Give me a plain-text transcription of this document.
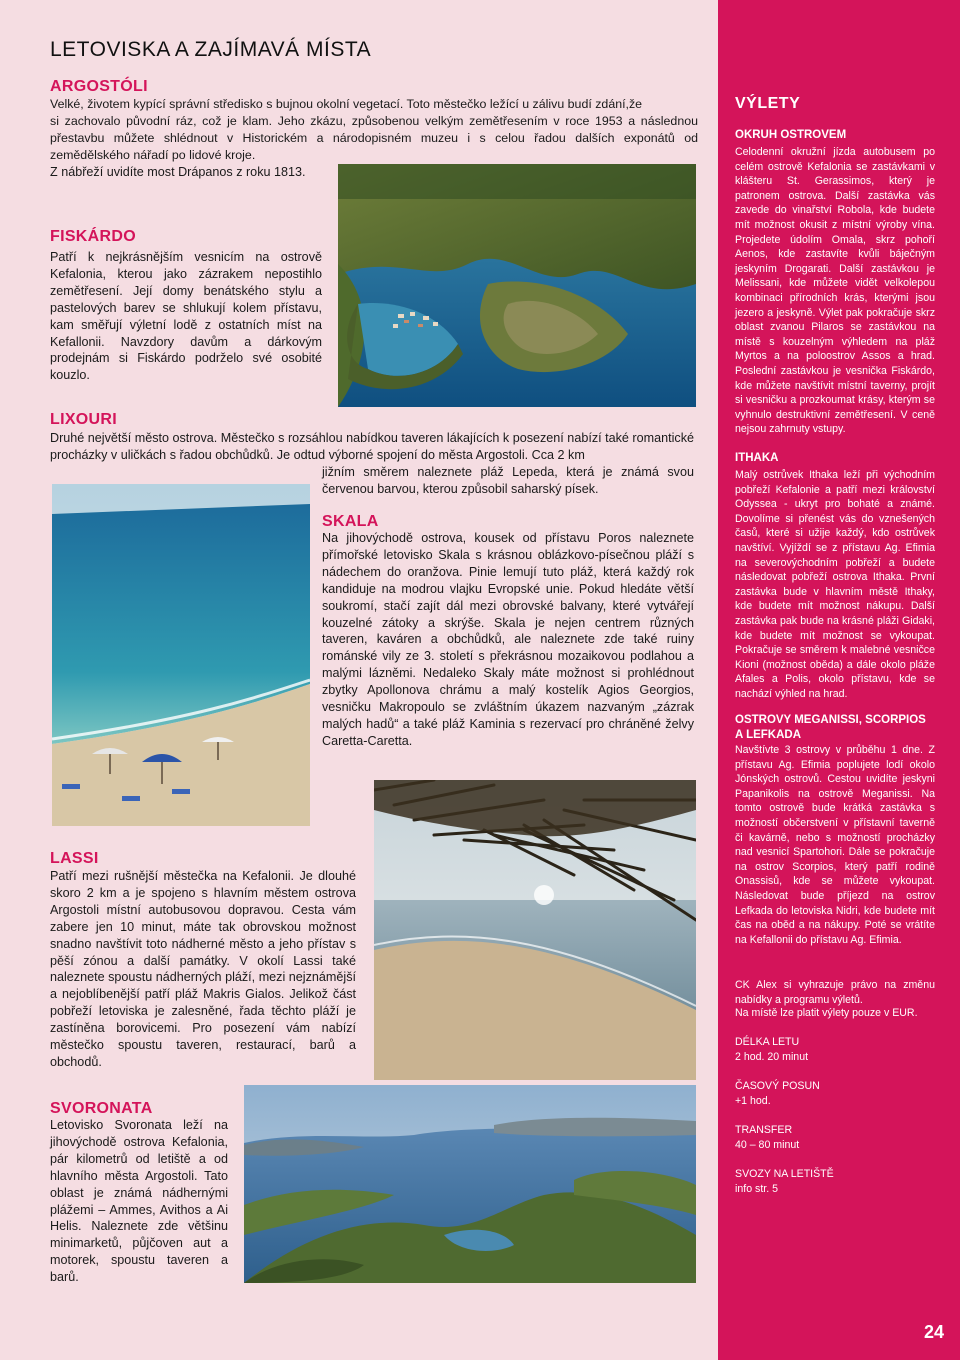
VÝLETY
OKRUH OSTROVEM

Celodenní okružní jízda autobusem po celém ostrově Kefalonia se zastávkami v klášteru St. Gerassimos, který je patronem ostrova. Další zastávka vás zavede do vinařství Robola, kde budete mít možnost okusit z místní výroby vína. Projedete údolím Omala, skrz pohoří Aenos, kde zastavíte kvůli báječným jeskyním Drogarati. Další zastávkou je Melissani, kde můžete vidět velkolepou kombinaci přírodních krás, kterými jsou jezero a jeskyně. Výlet pak pokračuje skrz oblast zvanou Pilaros se zastávkou na místě s kouzelným výhledem na pláž Myrtos a na poloostrov Assos a hrad. Poslední zastávkou je vesnička Fiskárdo, kde můžete navštívit místní taverny, projít si vesničku a prozkoumat krásy, kterým se vyhnulo destruktivní zemětřesení. V ceně nejsou zahrnuty vstupy.

ITHAKA

Malý ostrůvek Ithaka leží při východním pobřeží Kefalonie a patří mezi království Odyssea - ukryt pro bohaté a známé. Dovolíme si přenést vás do vznešených časů, které si užije každý, kdo ostrůvek navštíví. Vyjíždí se z přístavu Ag. Efimia na severovýchodním pobřeží a budete následovat pobřeží ostrova Ithaka. První zastávka bude v hlavním městě Ithaky, kde budete mít možnost nákupu. Další zastávka pak bude na krásné pláži Gidaki, kde budete mít možnost se vykoupat. Pokračuje se směrem k malebné vesničce Kioni (možnost oběda) a dále okolo pláže Afales a Polis, okolo přístavu, kde se nachází výhled na hrad.

OSTROVY MEGANISSI, SCORPIOS
A LEFKADA

Navštívte 3 ostrovy v průběhu 1 dne. Z přístavu Ag. Efimia poplujete lodí okolo Jónských ostrovů. Cestou uvidíte jeskyni Papanikolis na ostrově Meganissi. Na tomto ostrově bude krátká zastávka s možností občerstvení v přístavní taverně či kavárně, nebo s možností procházky nad vesnicí Spartohori. Dále se pokračuje na ostrov Scorpios, který patří rodině Onassisů, kde se můžete vykoupat. Následovat bude příjezd na ostrov Lefkada do letoviska Nidri, kde budete mít čas na oběd a na nákupy. Poté se vrátíte na Kefallonii do přístavu Ag. Efimia.

CK Alex si vyhrazuje právo na změnu nabídky a programu výletů.

Na místě lze platit výlety pouze v EUR.

DÉLKA LETU

2 hod. 20 minut

ČASOVÝ POSUN

+1 hod.

TRANSFER

40 – 80 minut

SVOZY NA LETIŠTĚ

info str. 5

LETOVISKA A ZAJÍMAVÁ MÍSTA
ARGOSTÓLI

Velké, životem kypící správní středisko s bujnou okolní vegetací. Toto městečko ležící u zálivu budí zdání,že

si zachovalo původní ráz, což je klam. Jeho zkázu, způsobenou velkým zemětřesením v roce 1953 a následnou přestavbu můžete shlédnout v Historickém a národopisném muzeu i s celou řadou dalších exponátů od zemědělského nářadí po lidové kroje.

Z nábřeží uvidíte most Drápanos z roku 1813.

FISKÁRDO

Patří k nejkrásnějším vesnicím na ostrově Kefalonia, kterou jako zázrakem nepostihlo zemětřesení. Její domy benátského stylu a pastelových barev se shlukují kolem přístavu, kam směřují výletní lodě z ostatních míst na Kefallonii. Navzdory davům a dárkovým prodejnám si Fiskárdo podrželo své osobité kouzlo.

LIXOURI

Druhé největší město ostrova. Městečko s rozsáhlou nabídkou taveren lákajících k posezení nabízí také romantické procházky v uličkách s řadou obchůdků. Je odtud výborné spojení do města Argostoli. Cca 2 km

jižním směrem naleznete pláž Lepeda, která je známá svou červenou barvou, kterou způsobil saharský písek.

SKALA

Na jihovýchodě ostrova, kousek od přístavu Poros naleznete přímořské letovisko Skala s krásnou oblázkovo-písečnou pláží s nádechem do oranžova. Pinie lemují tuto pláž, která každý rok kandiduje na modrou vlajku Evropské unie. Pokud hledáte větší soukromí, stačí zajít dál mezi obrovské balvany, které vytvářejí kouzelné zátoky a skrýše. Skala je nejen centrem různých taveren, kaváren a obchůdků, ale naleznete zde také ruiny románské vily ze 3. století s překrásnou mozaikovou podlahou a malými lázněmi. Nedaleko Skaly máte možnost si prohlédnout zbytky Apollonova chrámu a malý kostelík Agios Georgios, vesničku Makropoulo se zvláštním úkazem nazvaným „zázrak malých hadů“ a také pláž Kaminia s rezervací pro chráněné želvy Caretta-Caretta.

LASSI

Patří mezi rušnější městečka na Kefalonii. Je dlouhé skoro 2 km a je spojeno s hlavním městem ostrova Argostoli místní autobusovou dopravou. Cesta vám zabere jen 10 minut, máte tak obrovskou možnost snadno navštívit toto nádherné město a jeho přístav s pěší zónou a další památky. V okolí Lassi také naleznete spoustu nádherných pláží, mezi nejznámější a nejoblíbenější patří pláž Makris Gialos. Jelikož část pobřeží letoviska je zalesněné, řada těchto pláží je zastíněna borovicemi. Pro posezení vám nabízí městečko spoustu taveren, restaurací, barů a obchodů.

SVORONATA

Letovisko Svoronata leží na jihovýchodě ostrova Kefalonia, pár kilometrů od letiště a od hlavního města Argostoli. Tato oblast je známá nádhernými plážemi – Ammes, Avithos a Ai Helis. Naleznete zde většinu minimarketů, půjčoven aut a motorek, spoustu taveren a barů.

24
